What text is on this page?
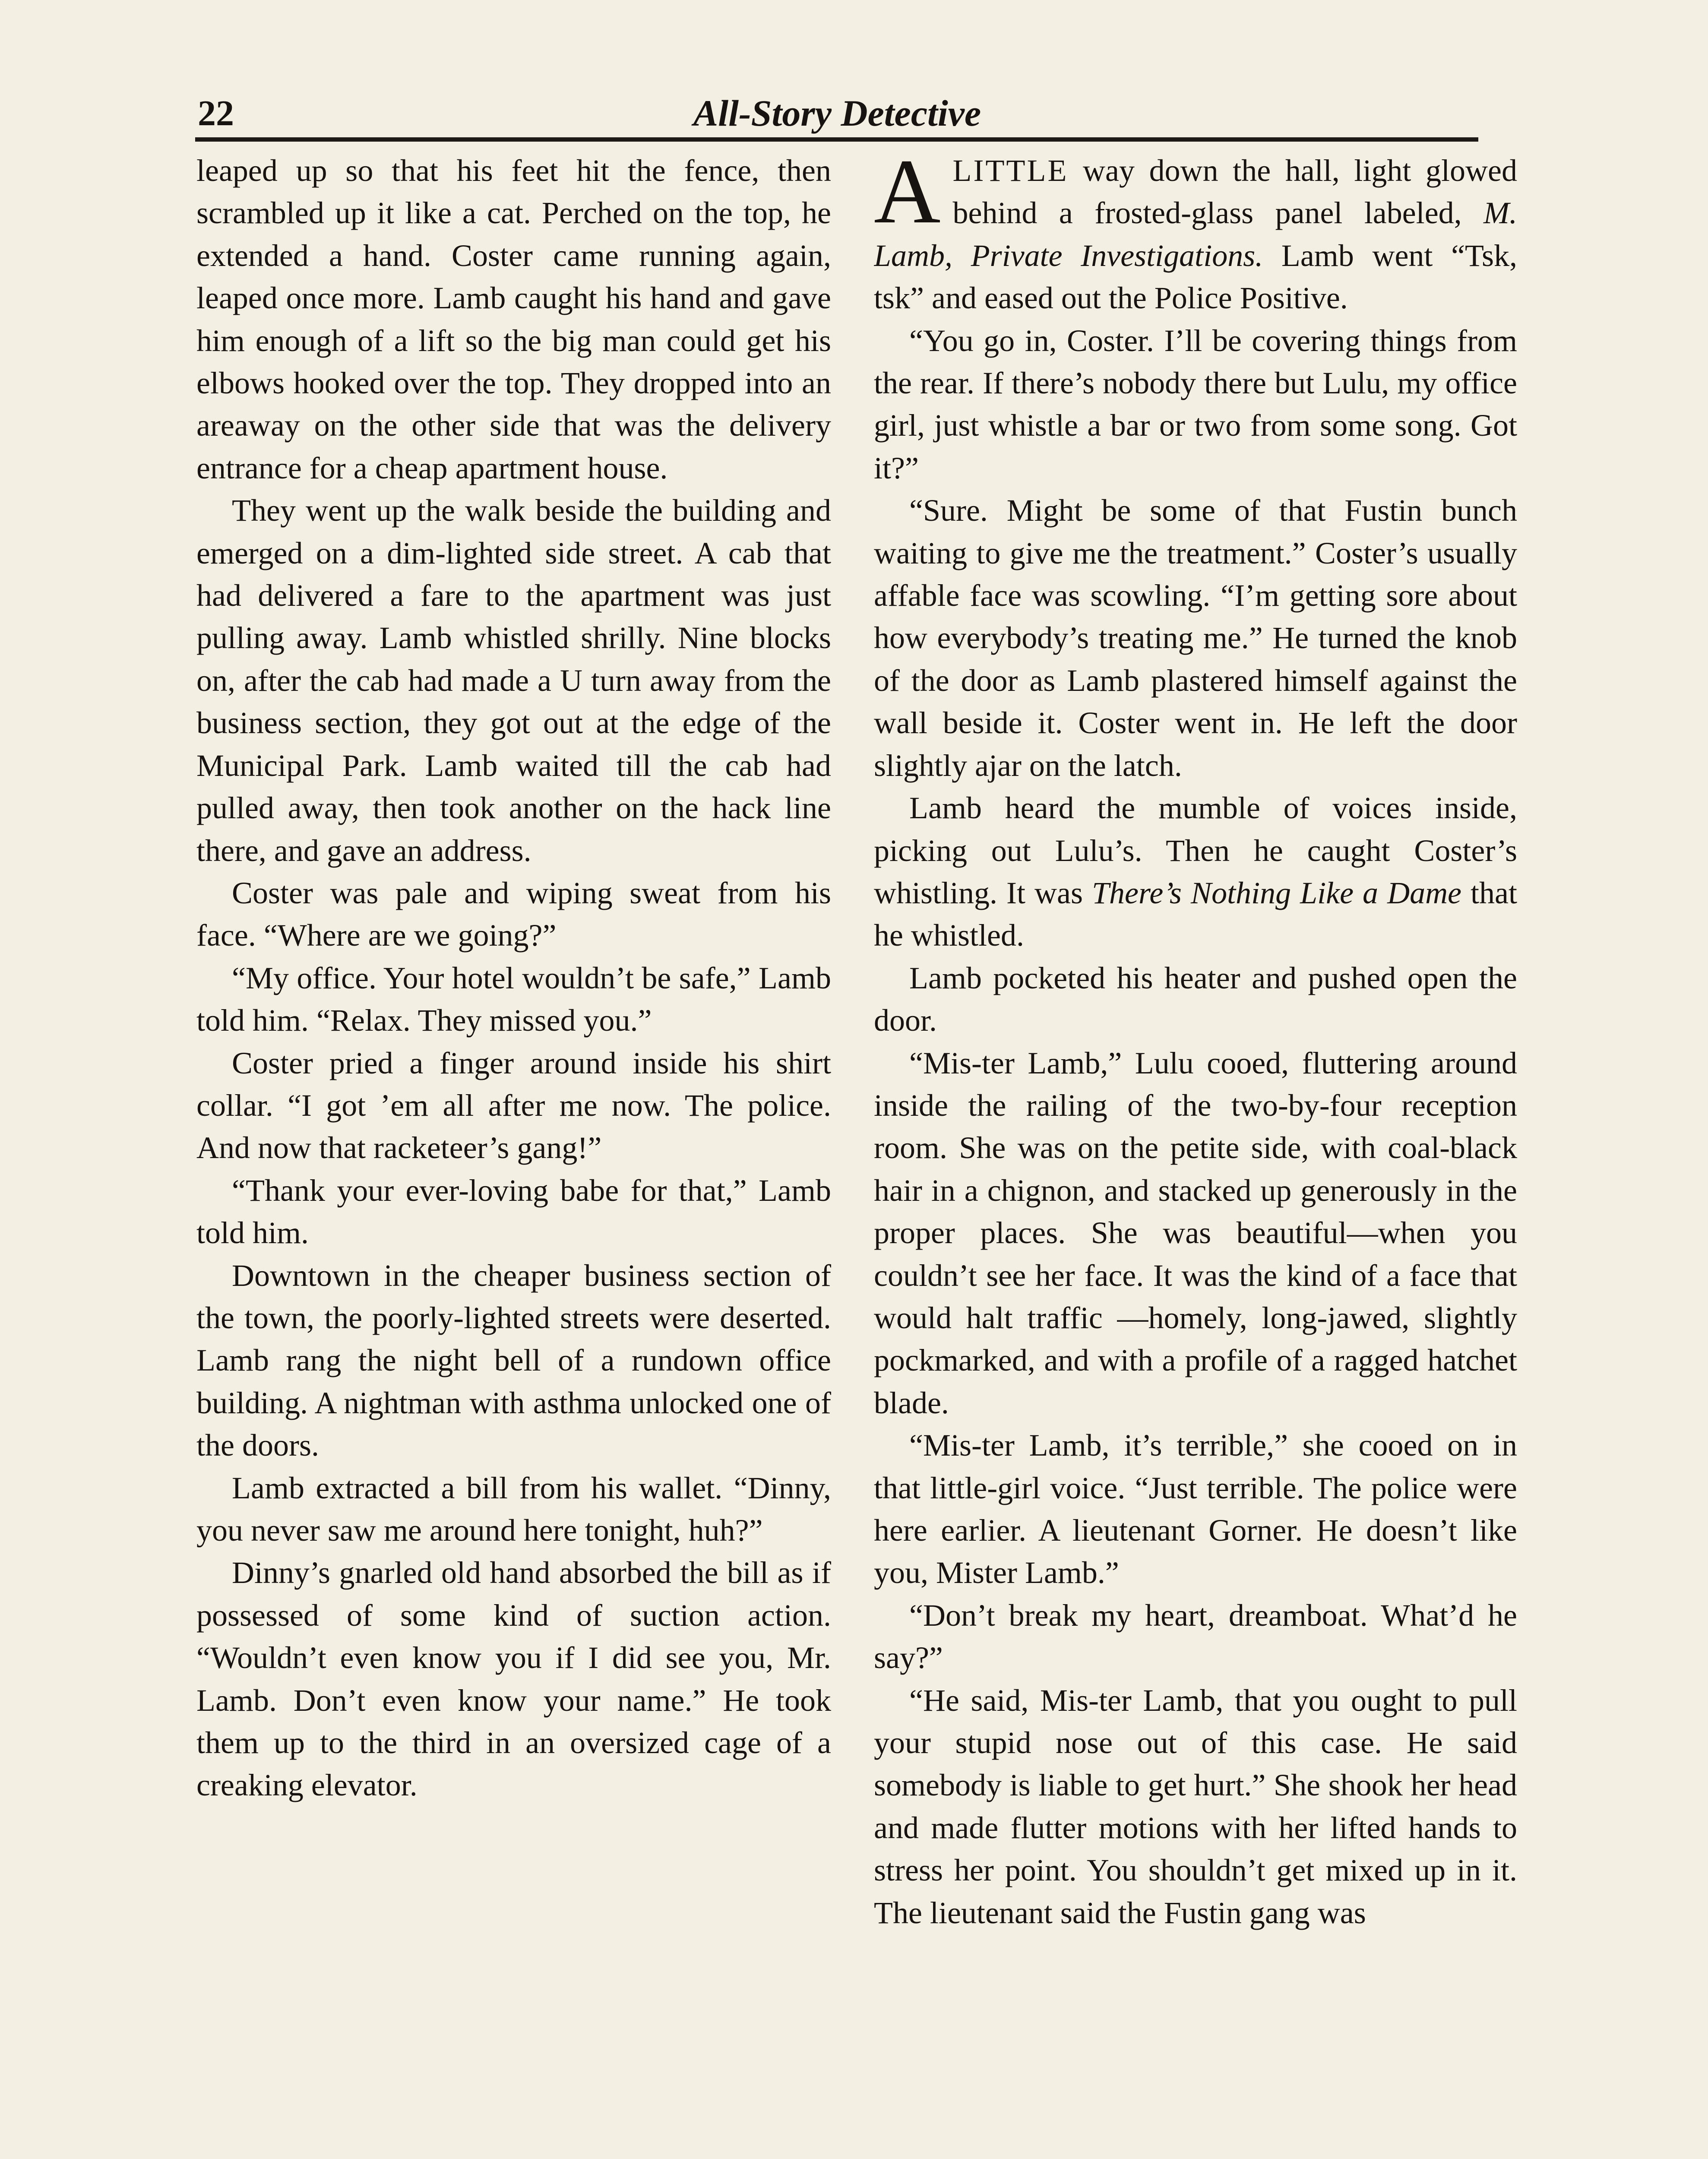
22	All-Story Detective

leaped up so that his feet hit the fence, then scrambled up it like a cat. Perched on the top, he extended a hand. Coster came running again, leaped once more. Lamb caught his hand and gave him enough of a lift so the big man could get his elbows hooked over the top. They dropped into an areaway on the other side that was the delivery entrance for a cheap apartment house.

They went up the walk beside the building and emerged on a dim-lighted side street. A cab that had delivered a fare to the apartment was just pulling away. Lamb whistled shrilly. Nine blocks on, after the cab had made a U turn away from the business section, they got out at the edge of the Municipal Park. Lamb waited till the cab had pulled away, then took another on the hack line there, and gave an address.

Coster was pale and wiping sweat from his face. “Where are we going?”

“My office. Your hotel wouldn’t be safe,” Lamb told him. “Relax. They missed you.”

Coster pried a finger around inside his shirt collar. “I got ’em all after me now. The police. And now that racketeer’s gang!”

“Thank your ever-loving babe for that,” Lamb told him.

Downtown in the cheaper business section of the town, the poorly-lighted streets were deserted. Lamb rang the night bell of a rundown office building. A nightman with asthma unlocked one of the doors.

Lamb extracted a bill from his wallet. “Dinny, you never saw me around here tonight, huh?”

Dinny’s gnarled old hand absorbed the bill as if possessed of some kind of suction action. “Wouldn’t even know you if I did see you, Mr. Lamb. Don’t even know your name.” He took them up to the third in an oversized cage of a creaking elevator.

ALITTLE way down the hall, light glowed behind a frosted-glass panel labeled, M. Lamb, Private Investigations. Lamb went “Tsk, tsk” and eased out the Police Positive.

“You go in, Coster. I’ll be covering things from the rear. If there’s nobody there but Lulu, my office girl, just whistle a bar or two from some song. Got it?”

“Sure. Might be some of that Fustin bunch waiting to give me the treatment.” Coster’s usually affable face was scowling. “I’m getting sore about how everybody’s treating me.” He turned the knob of the door as Lamb plastered himself against the wall beside it. Coster went in. He left the door slightly ajar on the latch.

Lamb heard the mumble of voices inside, picking out Lulu’s. Then he caught Coster’s whistling. It was There’s Nothing Like a Dame that he whistled.

Lamb pocketed his heater and pushed open the door.

“Mis-ter Lamb,” Lulu cooed, fluttering around inside the railing of the two-by-four reception room. She was on the petite side, with coal-black hair in a chignon, and stacked up generously in the proper places. She was beautiful—when you couldn’t see her face. It was the kind of a face that would halt traffic —homely, long-jawed, slightly pockmarked, and with a profile of a ragged hatchet blade.

“Mis-ter Lamb, it’s terrible,” she cooed on in that little-girl voice. “Just terrible. The police were here earlier. A lieutenant Gorner. He doesn’t like you, Mister Lamb.”

“Don’t break my heart, dreamboat. What’d he say?”

“He said, Mis-ter Lamb, that you ought to pull your stupid nose out of this case. He said somebody is liable to get hurt.” She shook her head and made flutter motions with her lifted hands to stress her point. You shouldn’t get mixed up in it. The lieutenant said the Fustin gang was
